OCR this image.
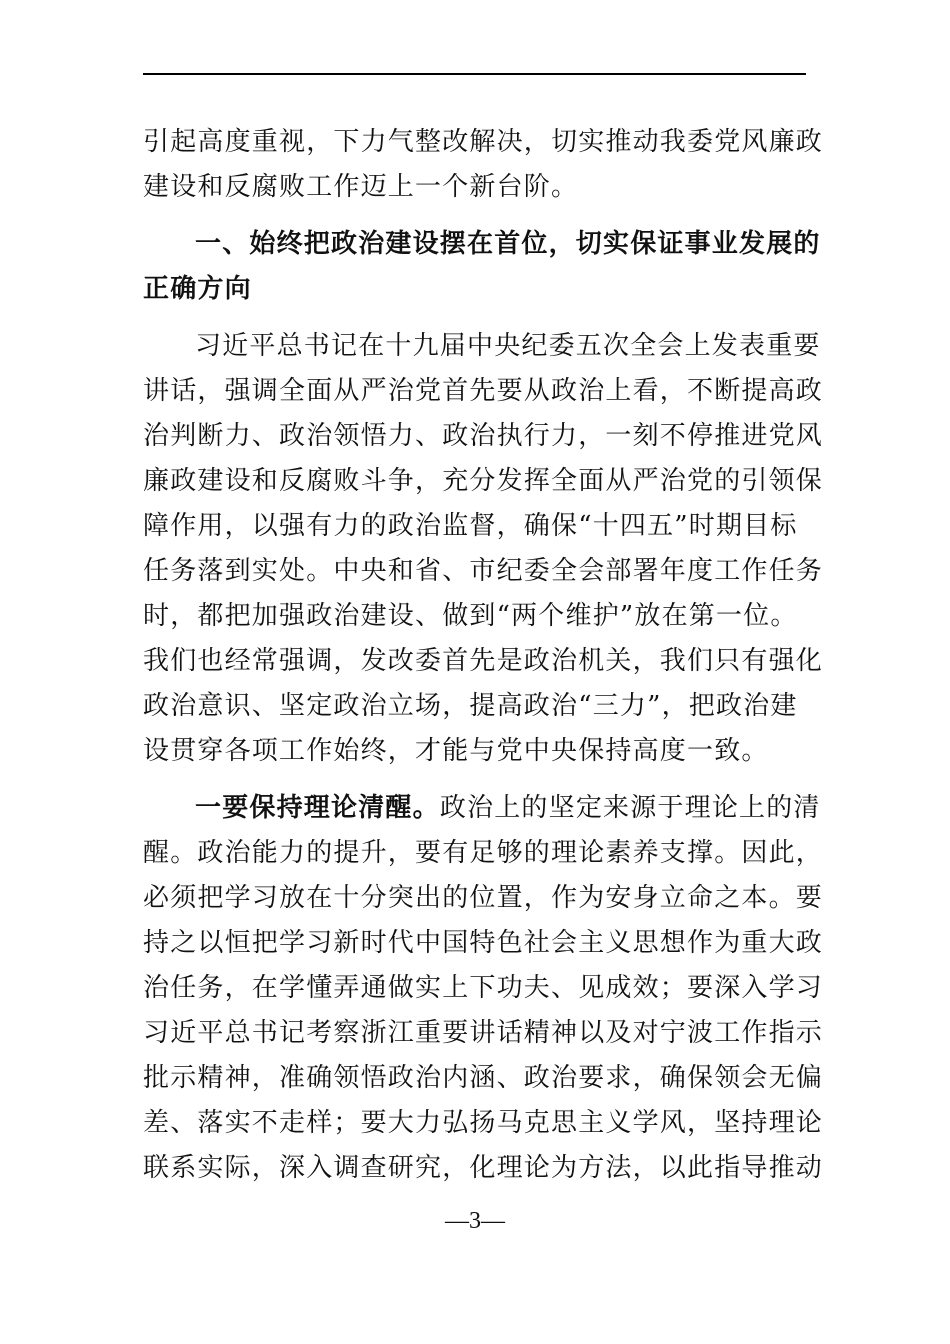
引起高度重视，下力气整改解决，切实推动我委党风廉政
建设和反腐败工作迈上一个新台阶。
一、始终把政治建设摆在首位，切实保证事业发展的
正确方向
习近平总书记在十九届中央纪委五次全会上发表重要
讲话，强调全面从严治党首先要从政治上看，不断提高政
治判断力、政治领悟力、政治执行力，一刻不停推进党风
廉政建设和反腐败斗争，充分发挥全面从严治党的引领保
障作用，以强有力的政治监督，确保“十四五”时期目标
任务落到实处。中央和省、市纪委全会部署年度工作任务
时，都把加强政治建设、做到“两个维护”放在第一位。
我们也经常强调，发改委首先是政治机关，我们只有强化
政治意识、坚定政治立场，提高政治“三力”，把政治建
设贯穿各项工作始终，才能与党中央保持高度一致。
一要保持理论清醒。政治上的坚定来源于理论上的清
醒。政治能力的提升，要有足够的理论素养支撑。因此，
必须把学习放在十分突出的位置，作为安身立命之本。要
持之以恒把学习新时代中国特色社会主义思想作为重大政
治任务，在学懂弄通做实上下功夫、见成效；要深入学习
习近平总书记考察浙江重要讲话精神以及对宁波工作指示
批示精神，准确领悟政治内涵、政治要求，确保领会无偏
差、落实不走样；要大力弘扬马克思主义学风，坚持理论
联系实际，深入调查研究，化理论为方法，以此指导推动
—3—
